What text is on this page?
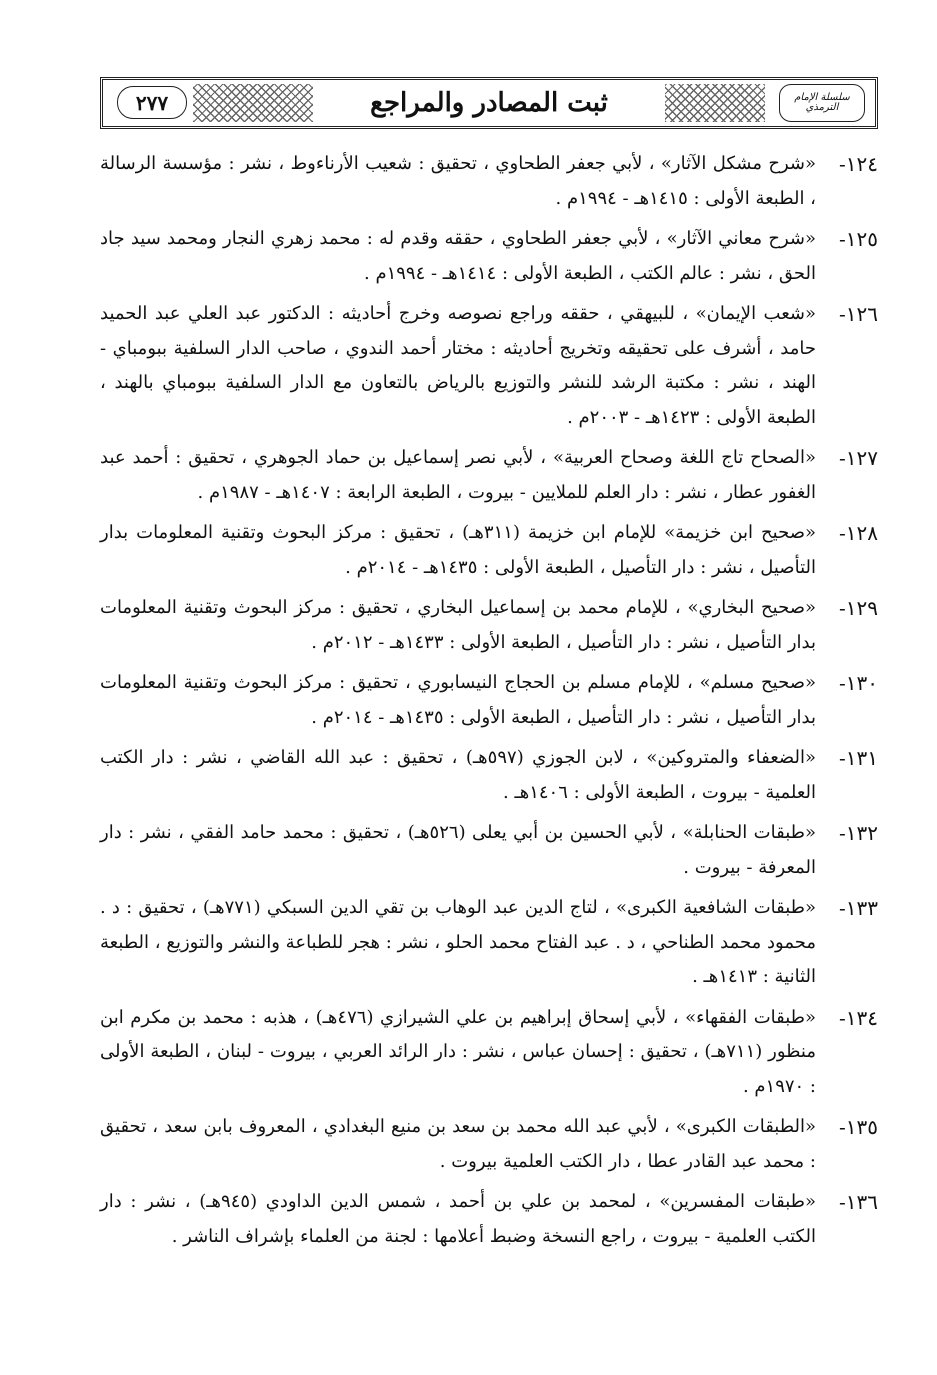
سلسلة الإمام الترمذي
ثبت المصادر والمراجع
٢٧٧
١٢٤-
«شرح مشكل الآثار» ، لأبي جعفر الطحاوي ، تحقيق : شعيب الأرناءوط ، نشر : مؤسسة الرسالة ، الطبعة الأولى : ١٤١٥هـ - ١٩٩٤م .
١٢٥-
«شرح معاني الآثار» ، لأبي جعفر الطحاوي ، حققه وقدم له : محمد زهري النجار ومحمد سيد جاد الحق ، نشر : عالم الكتب ، الطبعة الأولى : ١٤١٤هـ - ١٩٩٤م .
١٢٦-
«شعب الإيمان» ، للبيهقي ، حققه وراجع نصوصه وخرج أحاديثه : الدكتور عبد العلي عبد الحميد حامد ، أشرف على تحقيقه وتخريج أحاديثه : مختار أحمد الندوي ، صاحب الدار السلفية ببومباي - الهند ، نشر : مكتبة الرشد للنشر والتوزيع بالرياض بالتعاون مع الدار السلفية ببومباي بالهند ، الطبعة الأولى : ١٤٢٣هـ - ٢٠٠٣م .
١٢٧-
«الصحاح تاج اللغة وصحاح العربية» ، لأبي نصر إسماعيل بن حماد الجوهري ، تحقيق : أحمد عبد الغفور عطار ، نشر : دار العلم للملايين - بيروت ، الطبعة الرابعة : ١٤٠٧هـ - ١٩٨٧م .
١٢٨-
«صحيح ابن خزيمة» للإمام ابن خزيمة (٣١١هـ) ، تحقيق : مركز البحوث وتقنية المعلومات بدار التأصيل ، نشر : دار التأصيل ، الطبعة الأولى : ١٤٣٥هـ - ٢٠١٤م .
١٢٩-
«صحيح البخاري» ، للإمام محمد بن إسماعيل البخاري ، تحقيق : مركز البحوث وتقنية المعلومات بدار التأصيل ، نشر : دار التأصيل ، الطبعة الأولى : ١٤٣٣هـ - ٢٠١٢م .
١٣٠-
«صحيح مسلم» ، للإمام مسلم بن الحجاج النيسابوري ، تحقيق : مركز البحوث وتقنية المعلومات بدار التأصيل ، نشر : دار التأصيل ، الطبعة الأولى : ١٤٣٥هـ - ٢٠١٤م .
١٣١-
«الضعفاء والمتروكين» ، لابن الجوزي (٥٩٧هـ) ، تحقيق : عبد الله القاضي ، نشر : دار الكتب العلمية - بيروت ، الطبعة الأولى : ١٤٠٦هـ .
١٣٢-
«طبقات الحنابلة» ، لأبي الحسين بن أبي يعلى (٥٢٦هـ) ، تحقيق : محمد حامد الفقي ، نشر : دار المعرفة - بيروت .
١٣٣-
«طبقات الشافعية الكبرى» ، لتاج الدين عبد الوهاب بن تقي الدين السبكي (٧٧١هـ) ، تحقيق : د . محمود محمد الطناحي ، د . عبد الفتاح محمد الحلو ، نشر : هجر للطباعة والنشر والتوزيع ، الطبعة الثانية : ١٤١٣هـ .
١٣٤-
«طبقات الفقهاء» ، لأبي إسحاق إبراهيم بن علي الشيرازي (٤٧٦هـ) ، هذبه : محمد بن مكرم ابن منظور (٧١١هـ) ، تحقيق : إحسان عباس ، نشر : دار الرائد العربي ، بيروت - لبنان ، الطبعة الأولى : ١٩٧٠م .
١٣٥-
«الطبقات الكبرى» ، لأبي عبد الله محمد بن سعد بن منيع البغدادي ، المعروف بابن سعد ، تحقيق : محمد عبد القادر عطا ، دار الكتب العلمية بيروت .
١٣٦-
«طبقات المفسرين» ، لمحمد بن علي بن أحمد ، شمس الدين الداودي (٩٤٥هـ) ، نشر : دار الكتب العلمية - بيروت ، راجع النسخة وضبط أعلامها : لجنة من العلماء بإشراف الناشر .
